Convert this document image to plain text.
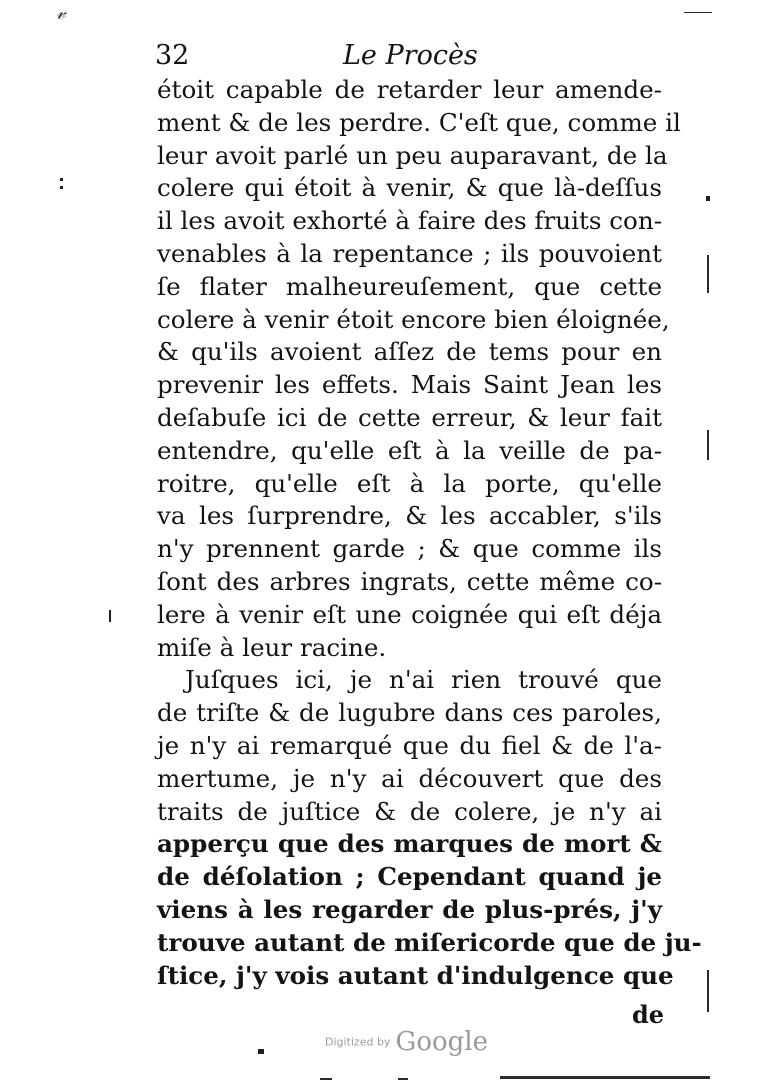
𝓋
32	Le Procès
étoit capable de retarder leur amende-
ment & de les perdre. C'eſt que, comme il
leur avoit parlé un peu auparavant, de la
colere qui étoit à venir, & que là-deſſus
il les avoit exhorté à faire des fruits con-
venables à la repentance ; ils pouvoient
ſe flater malheureuſement, que cette
colere à venir étoit encore bien éloignée,
& qu'ils avoient aſſez de tems pour en
prevenir les effets. Mais Saint Jean les
deſabuſe ici de cette erreur, & leur fait
entendre, qu'elle eſt à la veille de pa-
roitre, qu'elle eſt à la porte, qu'elle
va les ſurprendre, & les accabler, s'ils
n'y prennent garde ; & que comme ils
ſont des arbres ingrats, cette même co-
lere à venir eſt une coignée qui eſt déja
miſe à leur racine.
Juſques ici, je n'ai rien trouvé que
de triſte & de lugubre dans ces paroles,
je n'y ai remarqué que du fiel & de l'a-
mertume, je n'y ai découvert que des
traits de juſtice & de colere, je n'y ai
apperçu que des marques de mort &
de déſolation ; Cependant quand je
viens à les regarder de plus-prés, j'y
trouve autant de miſericorde que de ju-
ſtice, j'y vois autant d'indulgence que
de
Digitized by Google
